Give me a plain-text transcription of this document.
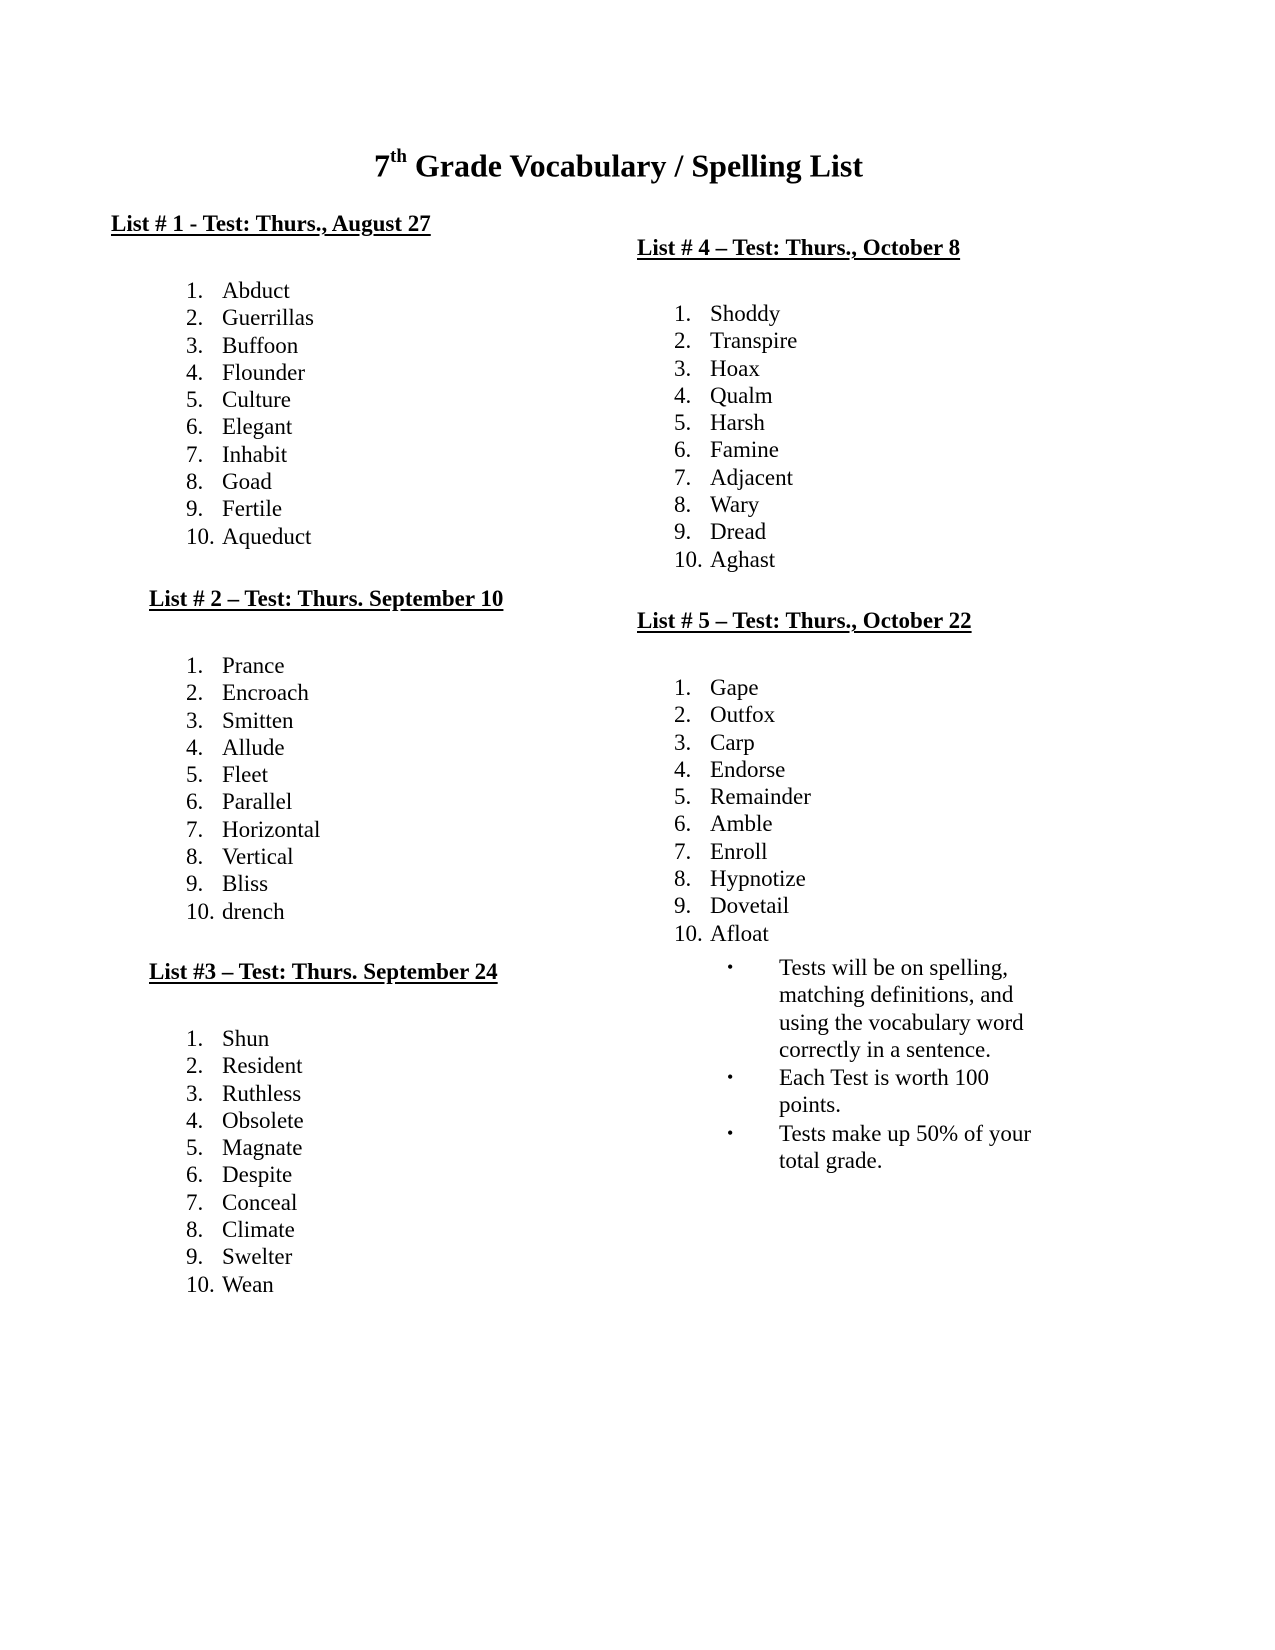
7th Grade Vocabulary / Spelling List
List # 1 - Test: Thurs., August 27
1. Abduct
2. Guerrillas
3. Buffoon
4. Flounder
5. Culture
6. Elegant
7. Inhabit
8. Goad
9. Fertile
10. Aqueduct
List # 2 – Test: Thurs. September 10
1. Prance
2. Encroach
3. Smitten
4. Allude
5. Fleet
6. Parallel
7. Horizontal
8. Vertical
9. Bliss
10. drench
List #3 – Test: Thurs. September 24
1. Shun
2. Resident
3. Ruthless
4. Obsolete
5. Magnate
6. Despite
7. Conceal
8. Climate
9. Swelter
10. Wean
List # 4 – Test: Thurs., October 8
1. Shoddy
2. Transpire
3. Hoax
4. Qualm
5. Harsh
6. Famine
7. Adjacent
8. Wary
9. Dread
10. Aghast
List # 5 – Test: Thurs., October 22
1. Gape
2. Outfox
3. Carp
4. Endorse
5. Remainder
6. Amble
7. Enroll
8. Hypnotize
9. Dovetail
10. Afloat
• Tests will be on spelling, matching definitions, and using the vocabulary word correctly in a sentence.
• Each Test is worth 100 points.
• Tests make up 50% of your total grade.
